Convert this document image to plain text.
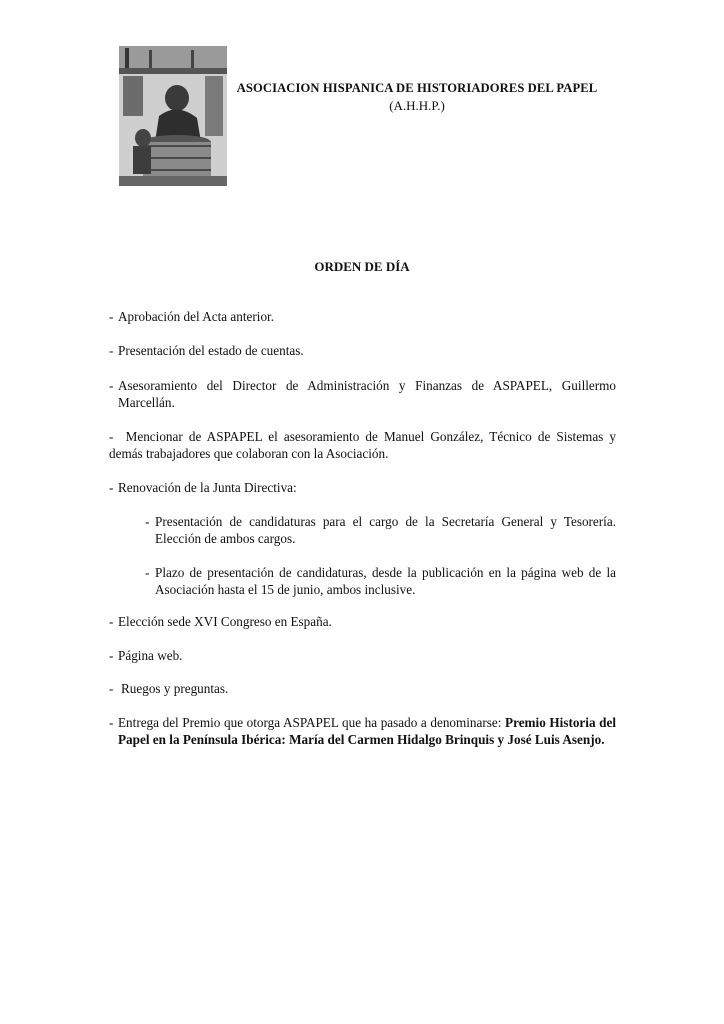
ASOCIACION HISPANICA DE HISTORIADORES DEL PAPEL
(A.H.H.P.)
ORDEN DE DÍA
- Aprobación del Acta anterior.
- Presentación del estado de cuentas.
- Asesoramiento del Director de Administración y Finanzas de ASPAPEL, Guillermo Marcellán.
- Mencionar de ASPAPEL el asesoramiento de Manuel González, Técnico de Sistemas y demás trabajadores que colaboran con la Asociación.
- Renovación de la Junta Directiva:
- Presentación de candidaturas para el cargo de la Secretaría General y Tesorería. Elección de ambos cargos.
- Plazo de presentación de candidaturas, desde la publicación en la página web de la Asociación hasta el 15 de junio, ambos inclusive.
- Elección sede XVI Congreso en España.
- Página web.
- Ruegos y preguntas.
- Entrega del Premio que otorga ASPAPEL que ha pasado a denominarse: Premio Historia del Papel en la Península Ibérica: María del Carmen Hidalgo Brinquis y José Luis Asenjo.
